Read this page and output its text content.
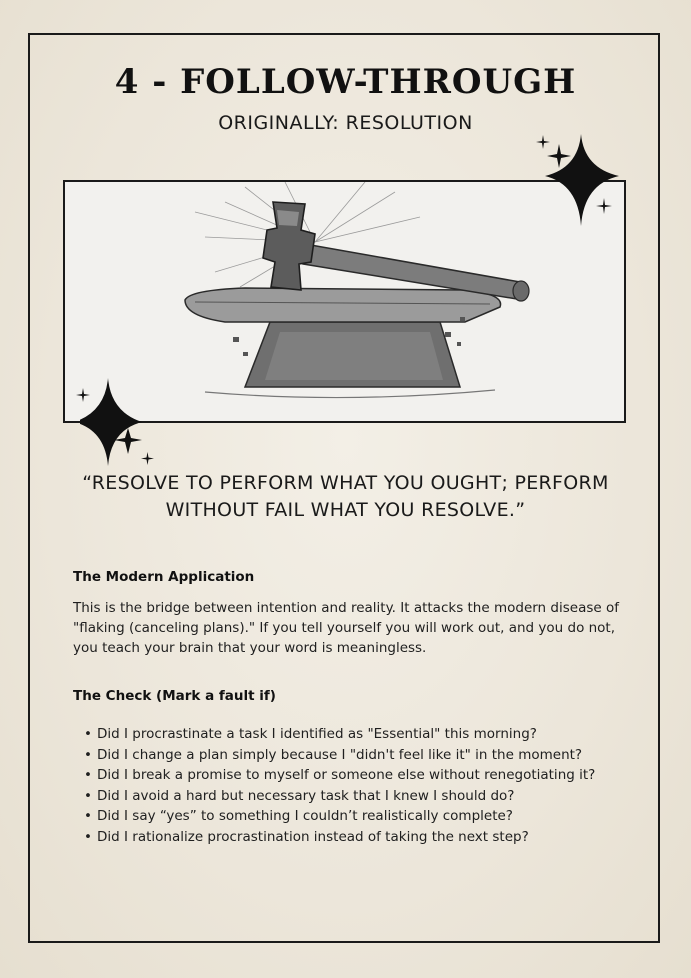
4 - FOLLOW-THROUGH
ORIGINALLY: RESOLUTION
“RESOLVE TO PERFORM WHAT YOU OUGHT; PERFORM WITHOUT FAIL WHAT YOU RESOLVE.”
The Modern Application
This is the bridge between intention and reality. It attacks the modern disease of "flaking (canceling plans)." If you tell yourself you will work out, and you do not, you teach your brain that your word is meaningless.
The Check (Mark a fault if)
• Did I procrastinate a task I identified as "Essential" this morning?
• Did I change a plan simply because I "didn't feel like it" in the moment?
• Did I break a promise to myself or someone else without renegotiating it?
• Did I avoid a hard but necessary task that I knew I should do?
• Did I say “yes” to something I couldn’t realistically complete?
• Did I rationalize procrastination instead of taking the next step?
